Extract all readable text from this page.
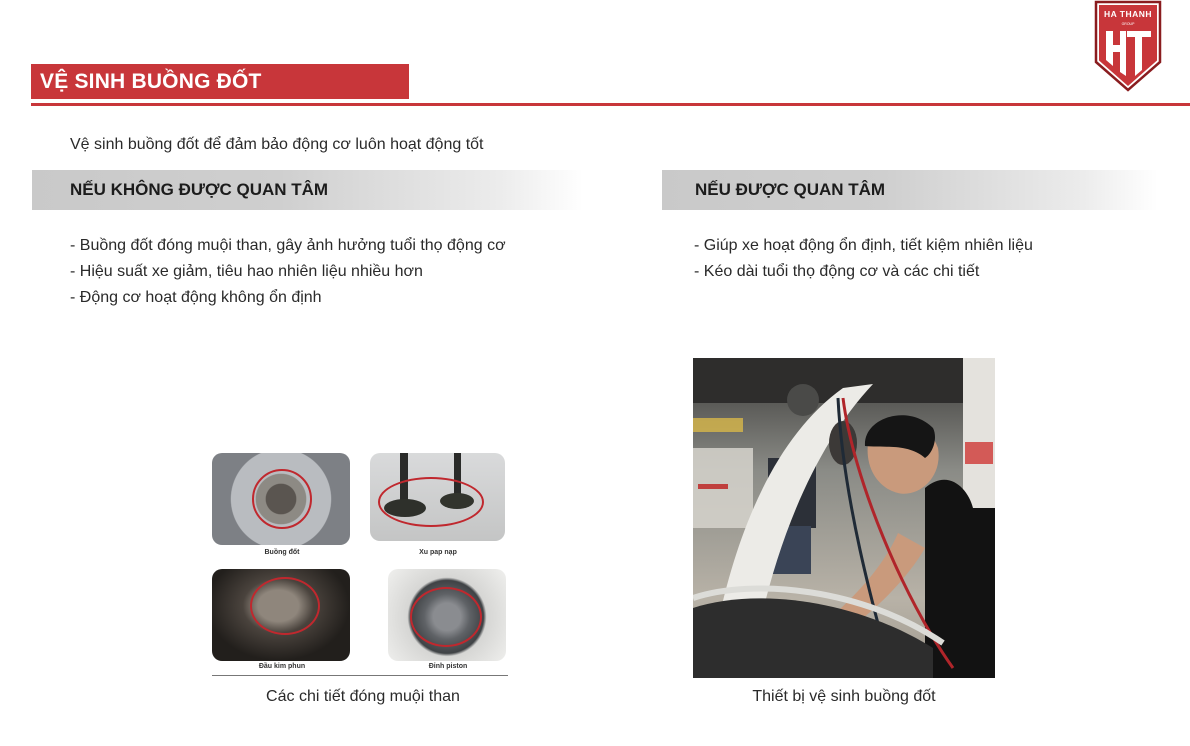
VỆ SINH BUỒNG ĐỐT
HA THANH
GROUP
Vệ sinh buồng đốt để đảm bảo động cơ luôn hoạt động tốt
NẾU KHÔNG ĐƯỢC QUAN TÂM	NẾU ĐƯỢC QUAN TÂM
- Buồng đốt đóng muội than, gây ảnh hưởng tuổi thọ động cơ
- Hiệu suất xe giảm, tiêu hao nhiên liệu nhiều hơn
- Động cơ hoạt động không ổn định
- Giúp xe hoạt động ổn định, tiết kiệm nhiên liệu
- Kéo dài tuổi thọ động cơ và các chi tiết
Buồng đốt	Xu pap nạp
Đầu kim phun	Đỉnh piston
Các chi tiết đóng muội than	Thiết bị vệ sinh buồng đốt
